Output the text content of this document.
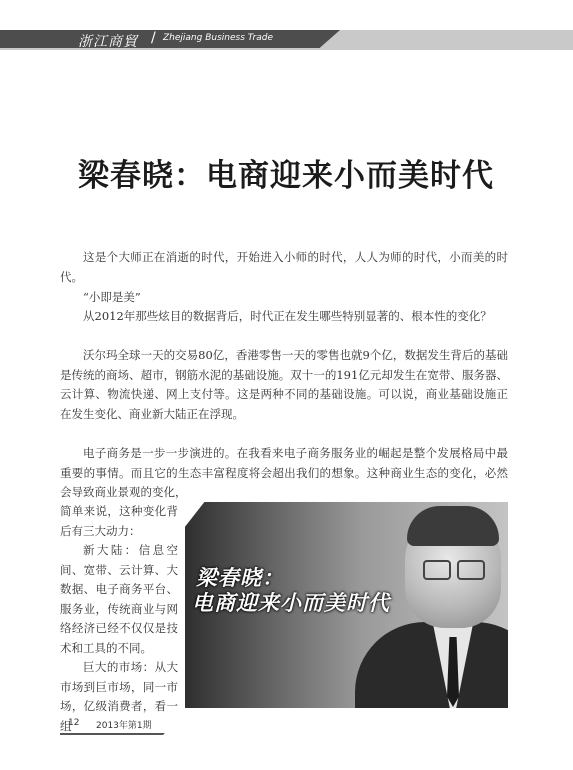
浙江商貿 / Zhejiang Business Trade
梁春晓：电商迎来小而美时代

这是个大师正在消逝的时代，开始进入小师的时代，人人为师的时代，小而美的时代。

“小即是美”

从2012年那些炫目的数据背后，时代正在发生哪些特别显著的、根本性的变化？

沃尔玛全球一天的交易80亿，香港零售一天的零售也就9个亿，数据发生背后的基础是传统的商场、超市，钢筋水泥的基础设施。双十一的191亿元却发生在宽带、服务器、云计算、物流快递、网上支付等。这是两种不同的基础设施。可以说，商业基础设施正在发生变化、商业新大陆正在浮现。

电子商务是一步一步演进的。在我看来电子商务服务业的崛起是整个发展格局中最重要的事情。而且它的生态丰富程度将会超出我们的想象。这种商业生态的变化，必然会导致商业景观的变化，

简单来说，这种变化背后有三大动力：

新大陆：信息空间、宽带、云计算、大数据、电子商务平台、服务业，传统商业与网络经济已经不仅仅是技术和工具的不同。

巨大的市场：从大市场到巨市场，同一市场，亿级消费者，看一组

梁春晓：
电商迎来小而美时代
12 2013年第1期
